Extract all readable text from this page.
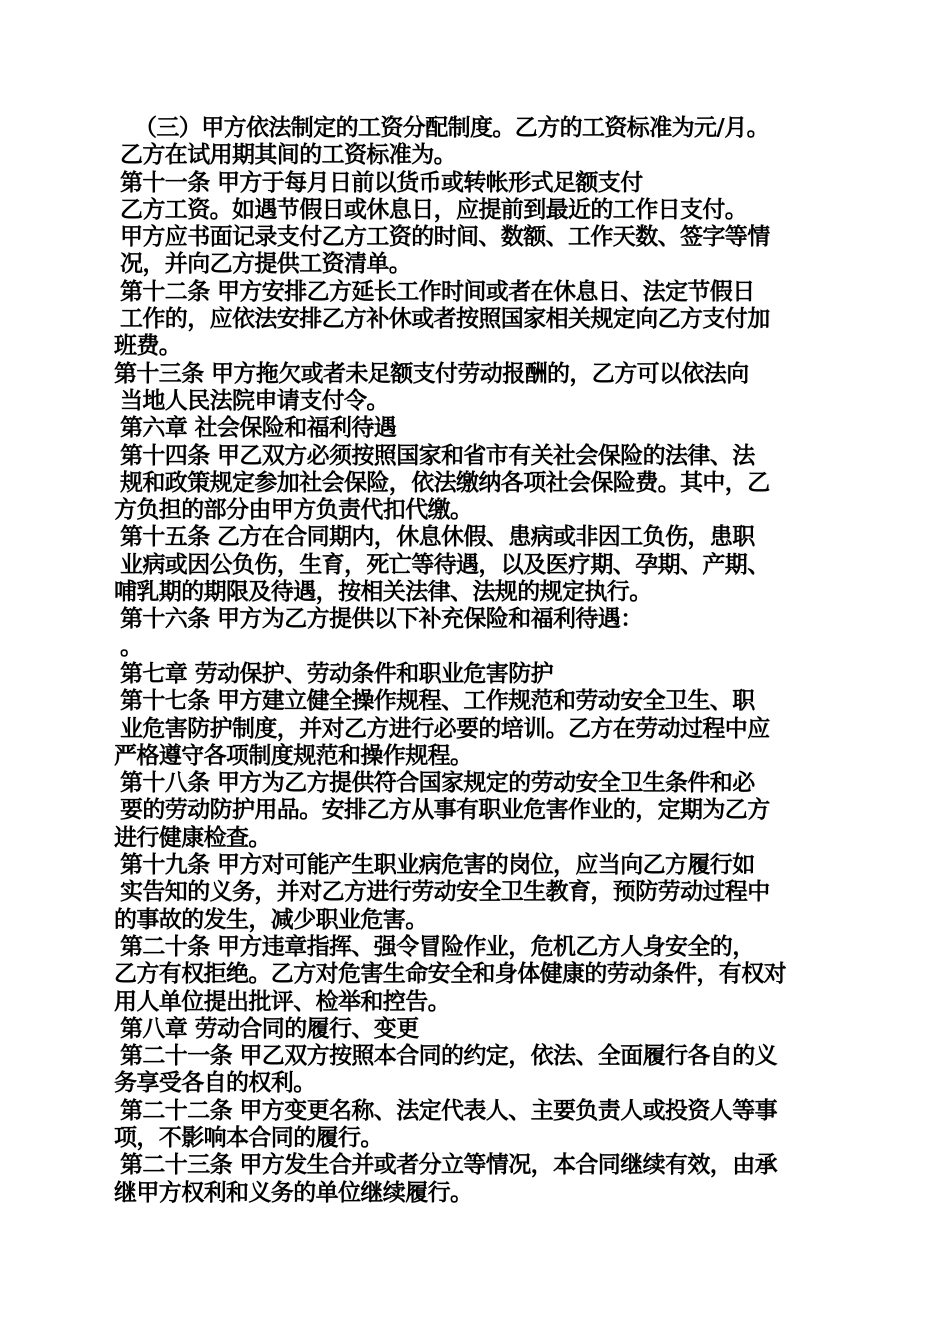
（三）甲方依法制定的工资分配制度。乙方的工资标准为元/月。
乙方在试用期其间的工资标准为。
第十一条 甲方于每月日前以货币或转帐形式足额支付
乙方工资。如遇节假日或休息日，应提前到最近的工作日支付。
甲方应书面记录支付乙方工资的时间、数额、工作天数、签字等情
况，并向乙方提供工资清单。
第十二条 甲方安排乙方延长工作时间或者在休息日、法定节假日
工作的，应依法安排乙方补休或者按照国家相关规定向乙方支付加
班费。
第十三条 甲方拖欠或者未足额支付劳动报酬的，乙方可以依法向
当地人民法院申请支付令。
第六章 社会保险和福利待遇
第十四条 甲乙双方必须按照国家和省市有关社会保险的法律、法
规和政策规定参加社会保险，依法缴纳各项社会保险费。其中，乙
方负担的部分由甲方负责代扣代缴。
第十五条 乙方在合同期内，休息休假、患病或非因工负伤，患职
业病或因公负伤，生育，死亡等待遇，以及医疗期、孕期、产期、
哺乳期的期限及待遇，按相关法律、法规的规定执行。
第十六条 甲方为乙方提供以下补充保险和福利待遇：
。
第七章 劳动保护、劳动条件和职业危害防护
第十七条 甲方建立健全操作规程、工作规范和劳动安全卫生、职
业危害防护制度，并对乙方进行必要的培训。乙方在劳动过程中应
严格遵守各项制度规范和操作规程。
第十八条 甲方为乙方提供符合国家规定的劳动安全卫生条件和必
要的劳动防护用品。安排乙方从事有职业危害作业的，定期为乙方
进行健康检查。
第十九条 甲方对可能产生职业病危害的岗位，应当向乙方履行如
实告知的义务，并对乙方进行劳动安全卫生教育，预防劳动过程中
的事故的发生，减少职业危害。
第二十条 甲方违章指挥、强令冒险作业，危机乙方人身安全的，
乙方有权拒绝。乙方对危害生命安全和身体健康的劳动条件，有权对
用人单位提出批评、检举和控告。
第八章 劳动合同的履行、变更
第二十一条 甲乙双方按照本合同的约定，依法、全面履行各自的义
务享受各自的权利。
第二十二条 甲方变更名称、法定代表人、主要负责人或投资人等事
项，不影响本合同的履行。
第二十三条 甲方发生合并或者分立等情况，本合同继续有效，由承
继甲方权利和义务的单位继续履行。
